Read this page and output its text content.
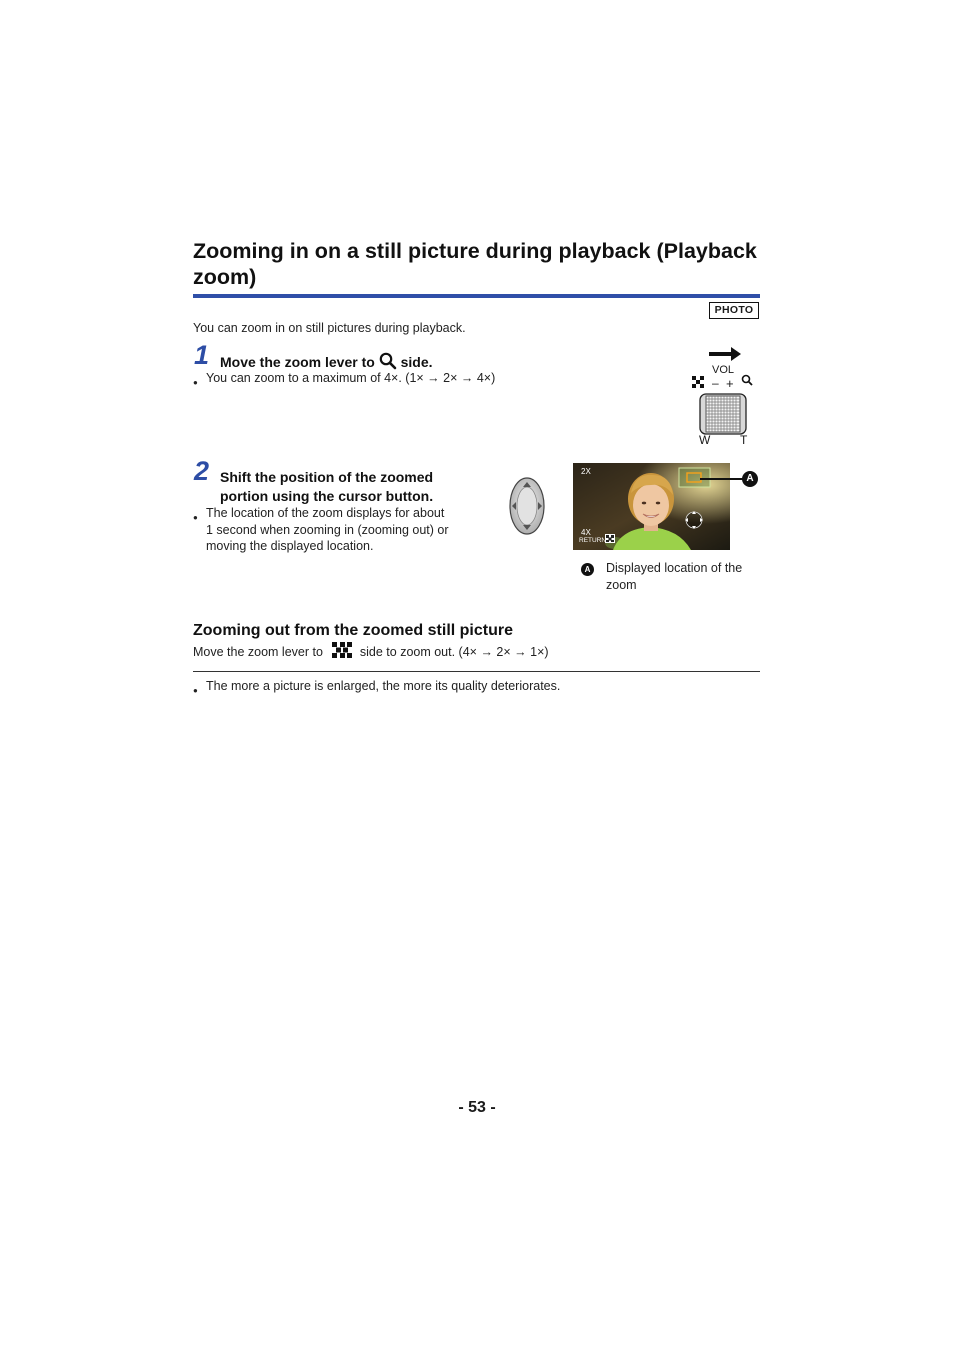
Zooming in on a still picture during playback (Playback zoom)
PHOTO
You can zoom in on still pictures during playback.
1 Move the zoom lever to side.
● You can zoom to a maximum of 4×. (1× → 2× → 4×)
VOL
– +
W T
2 Shift the position of the zoomed
portion using the cursor button.
● The location of the zoom displays for about
1 second when zooming in (zooming out) or
moving the displayed location.
2X
4X
RETURN
A
A Displayed location of the
zoom
Zooming out from the zoomed still picture
Move the zoom lever to	side to zoom out. (4× → 2× → 1×)
● The more a picture is enlarged, the more its quality deteriorates.
- 53 -
